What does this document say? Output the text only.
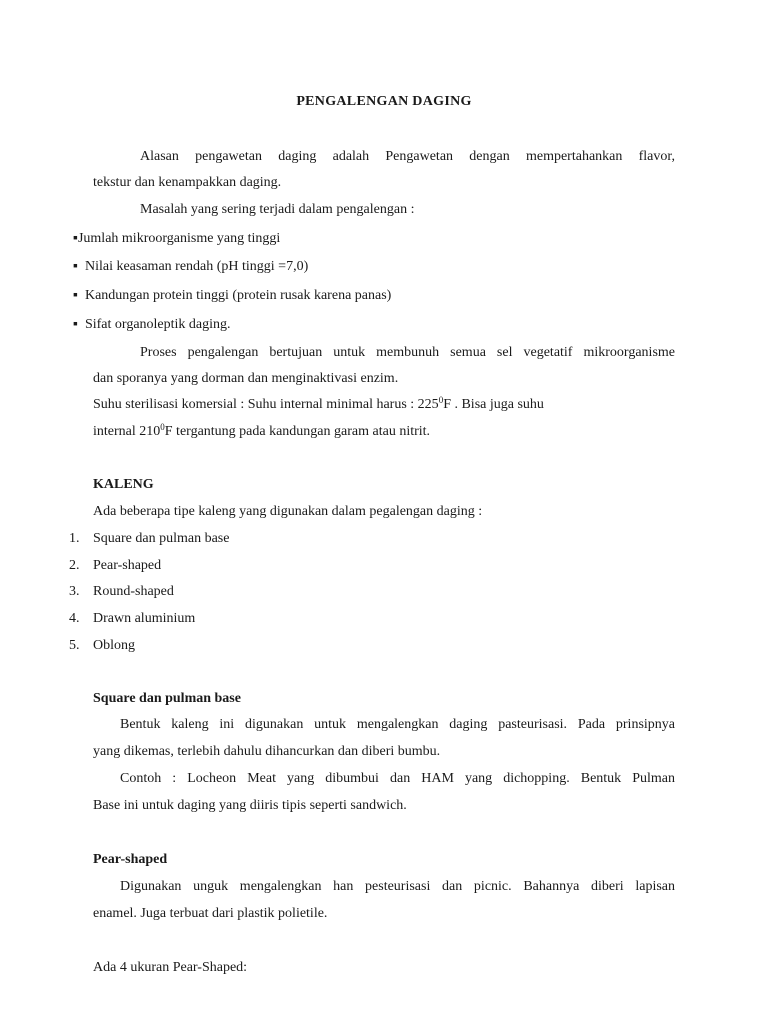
PENGALENGAN DAGING
Alasan pengawetan daging adalah Pengawetan dengan mempertahankan flavor,
tekstur dan kenampakkan daging.
Masalah yang sering terjadi dalam pengalengan :
▪Jumlah mikroorganisme yang tinggi
▪ Nilai keasaman rendah (pH tinggi =7,0)
▪ Kandungan protein tinggi (protein rusak karena panas)
▪ Sifat organoleptik daging.
Proses pengalengan bertujuan untuk membunuh semua sel vegetatif mikroorganisme
dan sporanya yang dorman dan menginaktivasi enzim.
Suhu sterilisasi komersial : Suhu internal minimal harus : $225^0F$ . Bisa juga suhu
internal $210^0F$ tergantung pada kandungan garam atau nitrit.
KALENG
Ada beberapa tipe kaleng yang digunakan dalam pegalengan daging :
1. Square dan pulman base
2. Pear-shaped
3. Round-shaped
4. Drawn aluminium
5. Oblong
Square dan pulman base
Bentuk kaleng ini digunakan untuk mengalengkan daging pasteurisasi. Pada prinsipnya
yang dikemas, terlebih dahulu dihancurkan dan diberi bumbu.
Contoh : Locheon Meat yang dibumbui dan HAM yang dichopping. Bentuk Pulman
Base ini untuk daging yang diiris tipis seperti sandwich.
Pear-shaped
Digunakan unguk mengalengkan han pesteurisasi dan picnic. Bahannya diberi lapisan
enamel. Juga terbuat dari plastik polietile.
Ada 4 ukuran Pear-Shaped:
